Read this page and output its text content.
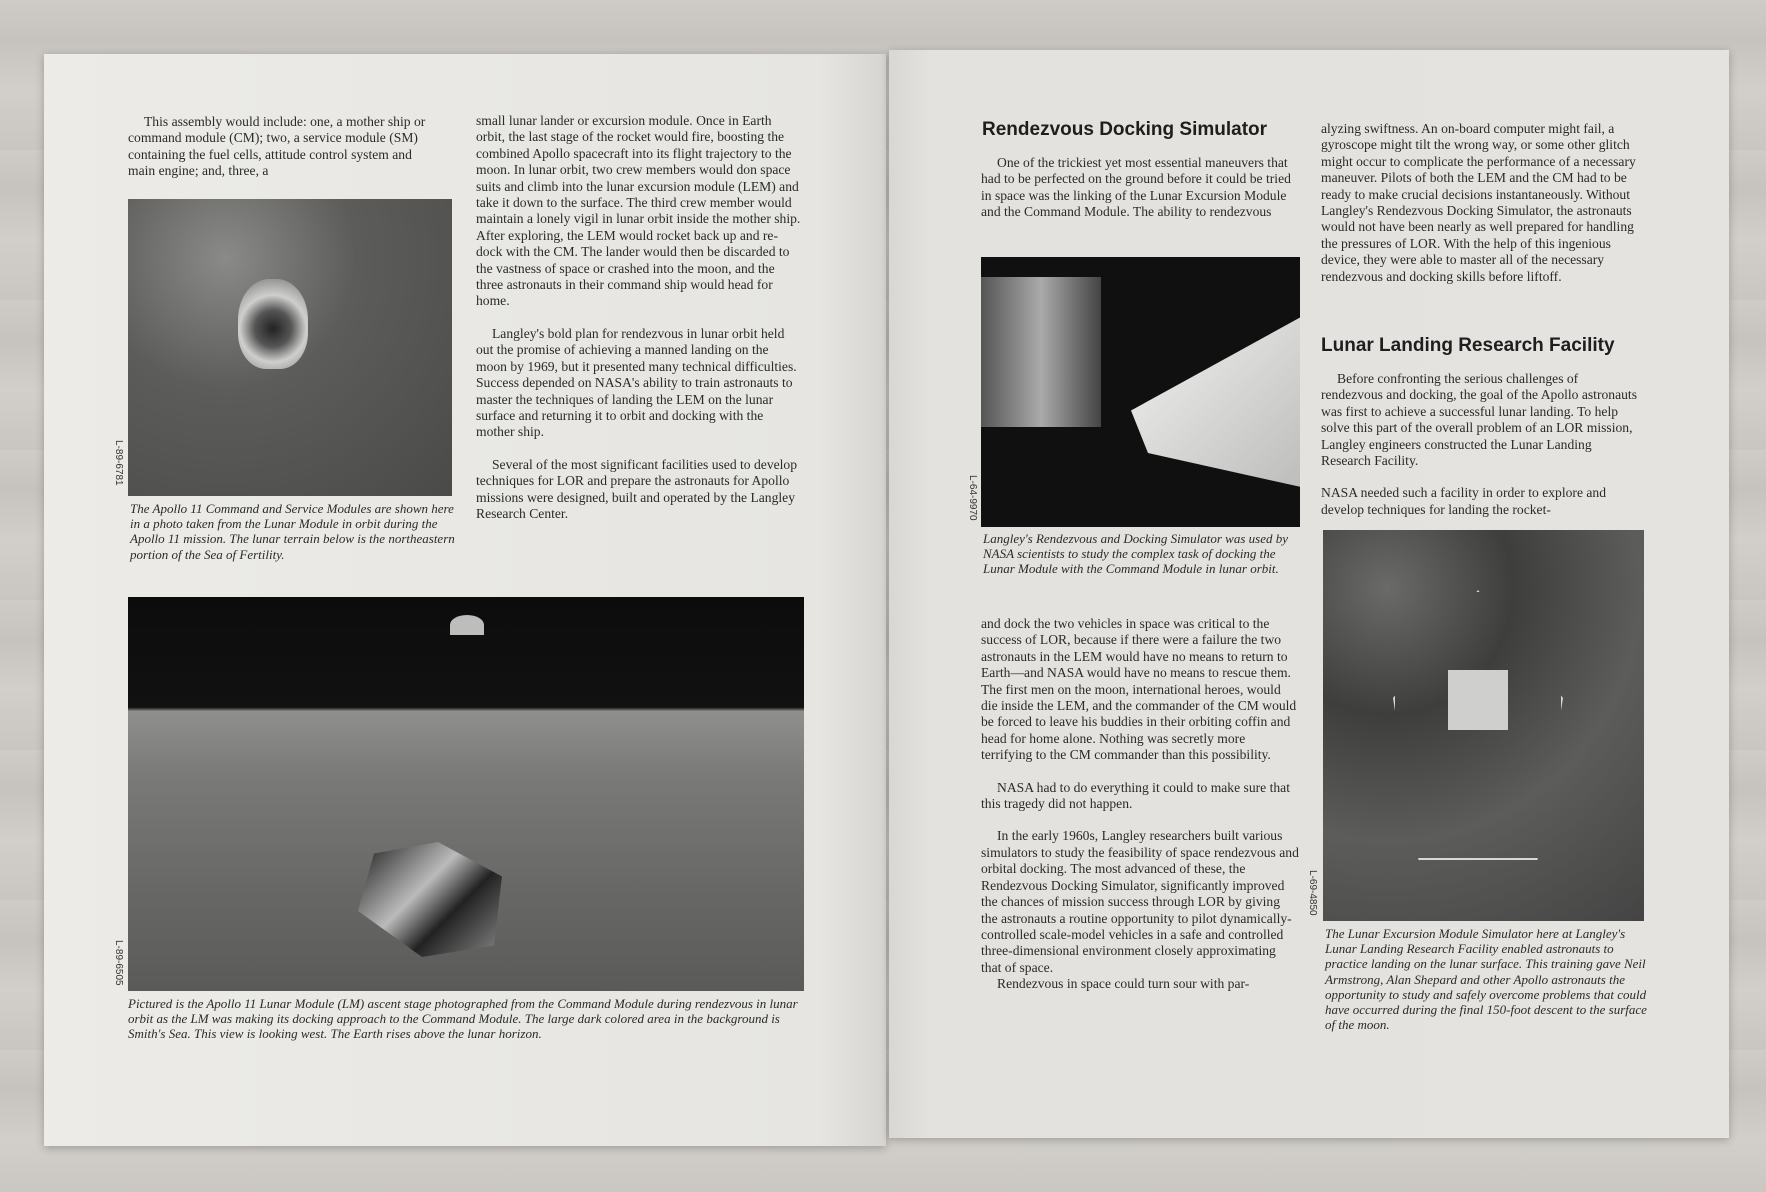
This assembly would include: one, a mother ship or command module (CM); two, a service module (SM) containing the fuel cells, attitude control system and main engine; and, three, a

L-89-6781
The Apollo 11 Command and Service Modules are shown here in a photo taken from the Lunar Module in orbit during the Apollo 11 mission. The lunar terrain below is the northeastern portion of the Sea of Fertility.

small lunar lander or excursion module. Once in Earth orbit, the last stage of the rocket would fire, boosting the combined Apollo spacecraft into its flight trajectory to the moon. In lunar orbit, two crew members would don space suits and climb into the lunar excursion module (LEM) and take it down to the surface. The third crew member would maintain a lonely vigil in lunar orbit inside the mother ship. After exploring, the LEM would rocket back up and re-dock with the CM. The lander would then be discarded to the vastness of space or crashed into the moon, and the three astronauts in their command ship would head for home.

Langley's bold plan for rendezvous in lunar orbit held out the promise of achieving a manned landing on the moon by 1969, but it presented many technical difficulties. Success depended on NASA's ability to train astronauts to master the techniques of landing the LEM on the lunar surface and returning it to orbit and docking with the mother ship.

Several of the most significant facilities used to develop techniques for LOR and prepare the astronauts for Apollo missions were designed, built and operated by the Langley Research Center.

L-89-6505
Pictured is the Apollo 11 Lunar Module (LM) ascent stage photographed from the Command Module during rendezvous in lunar orbit as the LM was making its docking approach to the Command Module. The large dark colored area in the background is Smith's Sea. This view is looking west. The Earth rises above the lunar horizon.
Rendezvous Docking Simulator

One of the trickiest yet most essential maneuvers that had to be perfected on the ground before it could be tried in space was the linking of the Lunar Excursion Module and the Command Module. The ability to rendezvous

L-64-9970
Langley's Rendezvous and Docking Simulator was used by NASA scientists to study the complex task of docking the Lunar Module with the Command Module in lunar orbit.

and dock the two vehicles in space was critical to the success of LOR, because if there were a failure the two astronauts in the LEM would have no means to return to Earth—and NASA would have no means to rescue them. The first men on the moon, international heroes, would die inside the LEM, and the commander of the CM would be forced to leave his buddies in their orbiting coffin and head for home alone. Nothing was secretly more terrifying to the CM commander than this possibility.

NASA had to do everything it could to make sure that this tragedy did not happen.

In the early 1960s, Langley researchers built various simulators to study the feasibility of space rendezvous and orbital docking. The most advanced of these, the Rendezvous Docking Simulator, significantly improved the chances of mission success through LOR by giving the astronauts a routine opportunity to pilot dynamically-controlled scale-model vehicles in a safe and controlled three-dimensional environment closely approximating that of space.

Rendezvous in space could turn sour with par-

alyzing swiftness. An on-board computer might fail, a gyroscope might tilt the wrong way, or some other glitch might occur to complicate the performance of a necessary maneuver. Pilots of both the LEM and the CM had to be ready to make crucial decisions instantaneously. Without Langley's Rendezvous Docking Simulator, the astronauts would not have been nearly as well prepared for handling the pressures of LOR. With the help of this ingenious device, they were able to master all of the necessary rendezvous and docking skills before liftoff.

Lunar Landing Research Facility

Before confronting the serious challenges of rendezvous and docking, the goal of the Apollo astronauts was first to achieve a successful lunar landing. To help solve this part of the overall problem of an LOR mission, Langley engineers constructed the Lunar Landing Research Facility.

NASA needed such a facility in order to explore and develop techniques for landing the rocket-

L-69-4850
The Lunar Excursion Module Simulator here at Langley's Lunar Landing Research Facility enabled astronauts to practice landing on the lunar surface. This training gave Neil Armstrong, Alan Shepard and other Apollo astronauts the opportunity to study and safely overcome problems that could have occurred during the final 150-foot descent to the surface of the moon.
